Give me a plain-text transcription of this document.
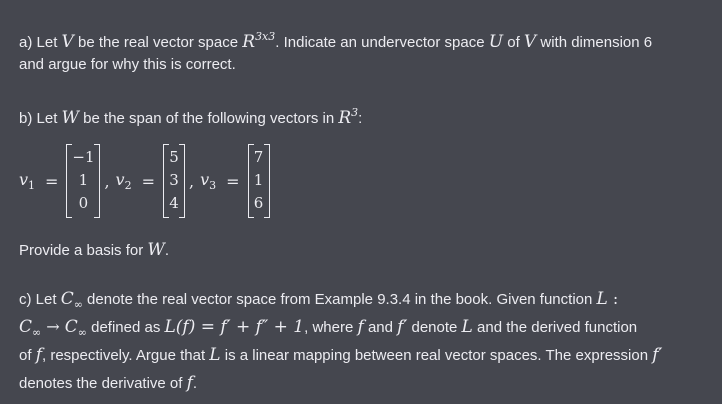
a) Let V be the real vector space $R^{3x3}$. Indicate an undervector space U of V with dimension 6
and argue for why this is correct.
b) Let W be the span of the following vectors in $R^3$:
$v_1$ =
−1
1
0
, $v_2$ =
5
3
4
, $v_3$ =
7
1
6
Provide a basis for W.
c) Let $C_\infty$ denote the real vector space from Example 9.3.4 in the book. Given function L :
$C_\infty \to C_\infty$ defined as L(f) = f′ + f″ + 1, where f and f′ denote L and the derived function
of f, respectively. Argue that L is a linear mapping between real vector spaces. The expression f′
denotes the derivative of f.
